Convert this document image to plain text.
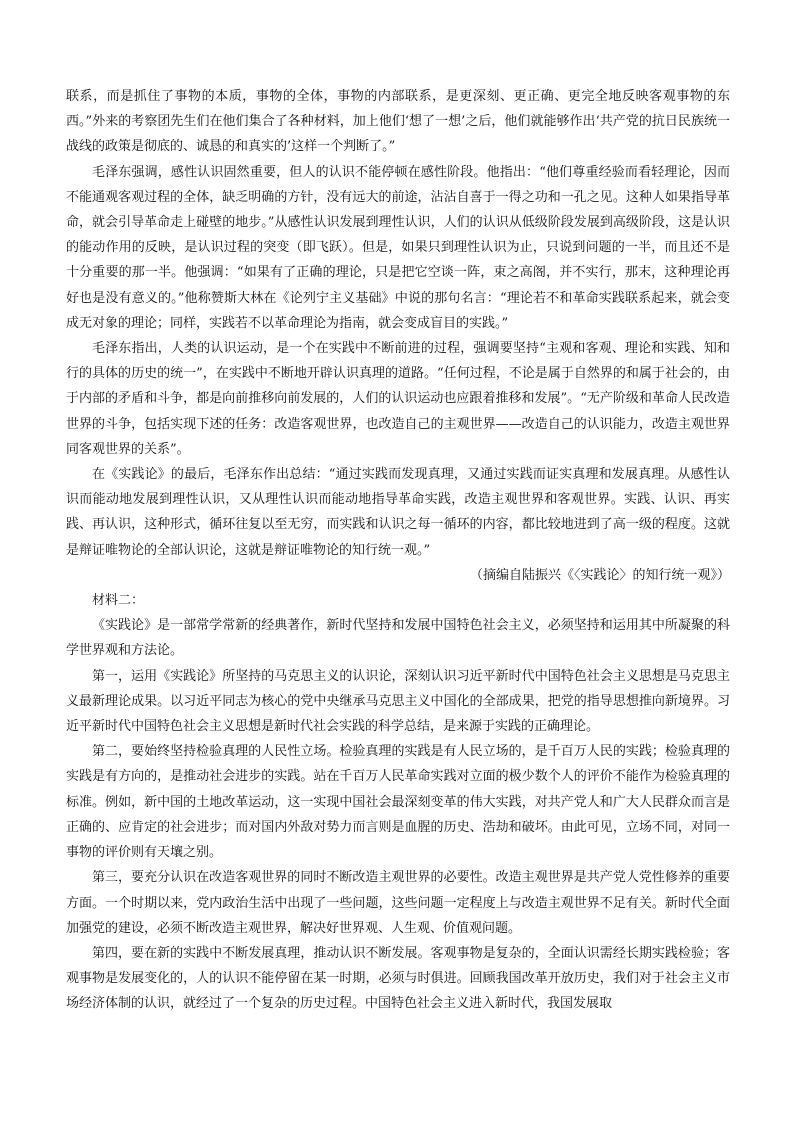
联系，而是抓住了事物的本质，事物的全体，事物的内部联系，是更深刻、更正确、更完全地反映客观事物的东西。”外来的考察团先生们在他们集合了各种材料，加上他们‘想了一想’之后，他们就能够作出‘共产党的抗日民族统一战线的政策是彻底的、诚恳的和真实的’这样一个判断了。”

毛泽东强调，感性认识固然重要，但人的认识不能停顿在感性阶段。他指出：“他们尊重经验而看轻理论，因而不能通观客观过程的全体，缺乏明确的方针，没有远大的前途，沾沾自喜于一得之功和一孔之见。这种人如果指导革命，就会引导革命走上碰壁的地步。”从感性认识发展到理性认识，人们的认识从低级阶段发展到高级阶段，这是认识的能动作用的反映，是认识过程的突变（即飞跃）。但是，如果只到理性认识为止，只说到问题的一半，而且还不是十分重要的那一半。他强调：“如果有了正确的理论，只是把它空谈一阵，束之高阁，并不实行，那末，这种理论再好也是没有意义的。”他称赞斯大林在《论列宁主义基础》中说的那句名言：“理论若不和革命实践联系起来，就会变成无对象的理论；同样，实践若不以革命理论为指南，就会变成盲目的实践。”

毛泽东指出，人类的认识运动，是一个在实践中不断前进的过程，强调要坚持“主观和客观、理论和实践、知和行的具体的历史的统一”，在实践中不断地开辟认识真理的道路。“任何过程，不论是属于自然界的和属于社会的，由于内部的矛盾和斗争，都是向前推移向前发展的，人们的认识运动也应跟着推移和发展”。“无产阶级和革命人民改造世界的斗争，包括实现下述的任务：改造客观世界，也改造自己的主观世界——改造自己的认识能力，改造主观世界同客观世界的关系”。

在《实践论》的最后，毛泽东作出总结：“通过实践而发现真理，又通过实践而证实真理和发展真理。从感性认识而能动地发展到理性认识，又从理性认识而能动地指导革命实践，改造主观世界和客观世界。实践、认识、再实践、再认识，这种形式，循环往复以至无穷，而实践和认识之每一循环的内容，都比较地进到了高一级的程度。这就是辩证唯物论的全部认识论，这就是辩证唯物论的知行统一观。”

（摘编自陆振兴《〈实践论〉的知行统一观》）

材料二：

《实践论》是一部常学常新的经典著作，新时代坚持和发展中国特色社会主义，必须坚持和运用其中所凝聚的科学世界观和方法论。

第一，运用《实践论》所坚持的马克思主义的认识论，深刻认识习近平新时代中国特色社会主义思想是马克思主义最新理论成果。以习近平同志为核心的党中央继承马克思主义中国化的全部成果，把党的指导思想推向新境界。习近平新时代中国特色社会主义思想是新时代社会实践的科学总结，是来源于实践的正确理论。

第二，要始终坚持检验真理的人民性立场。检验真理的实践是有人民立场的，是千百万人民的实践；检验真理的实践是有方向的，是推动社会进步的实践。站在千百万人民革命实践对立面的极少数个人的评价不能作为检验真理的标准。例如，新中国的土地改革运动，这一实现中国社会最深刻变革的伟大实践，对共产党人和广大人民群众而言是正确的、应肯定的社会进步；而对国内外敌对势力而言则是血腥的历史、浩劫和破坏。由此可见，立场不同，对同一事物的评价则有天壤之别。

第三，要充分认识在改造客观世界的同时不断改造主观世界的必要性。改造主观世界是共产党人党性修养的重要方面。一个时期以来，党内政治生活中出现了一些问题，这些问题一定程度上与改造主观世界不足有关。新时代全面加强党的建设，必须不断改造主观世界，解决好世界观、人生观、价值观问题。

第四，要在新的实践中不断发展真理，推动认识不断发展。客观事物是复杂的，全面认识需经长期实践检验；客观事物是发展变化的，人的认识不能停留在某一时期，必须与时俱进。回顾我国改革开放历史，我们对于社会主义市场经济体制的认识，就经过了一个复杂的历史过程。中国特色社会主义进入新时代，我国发展取
